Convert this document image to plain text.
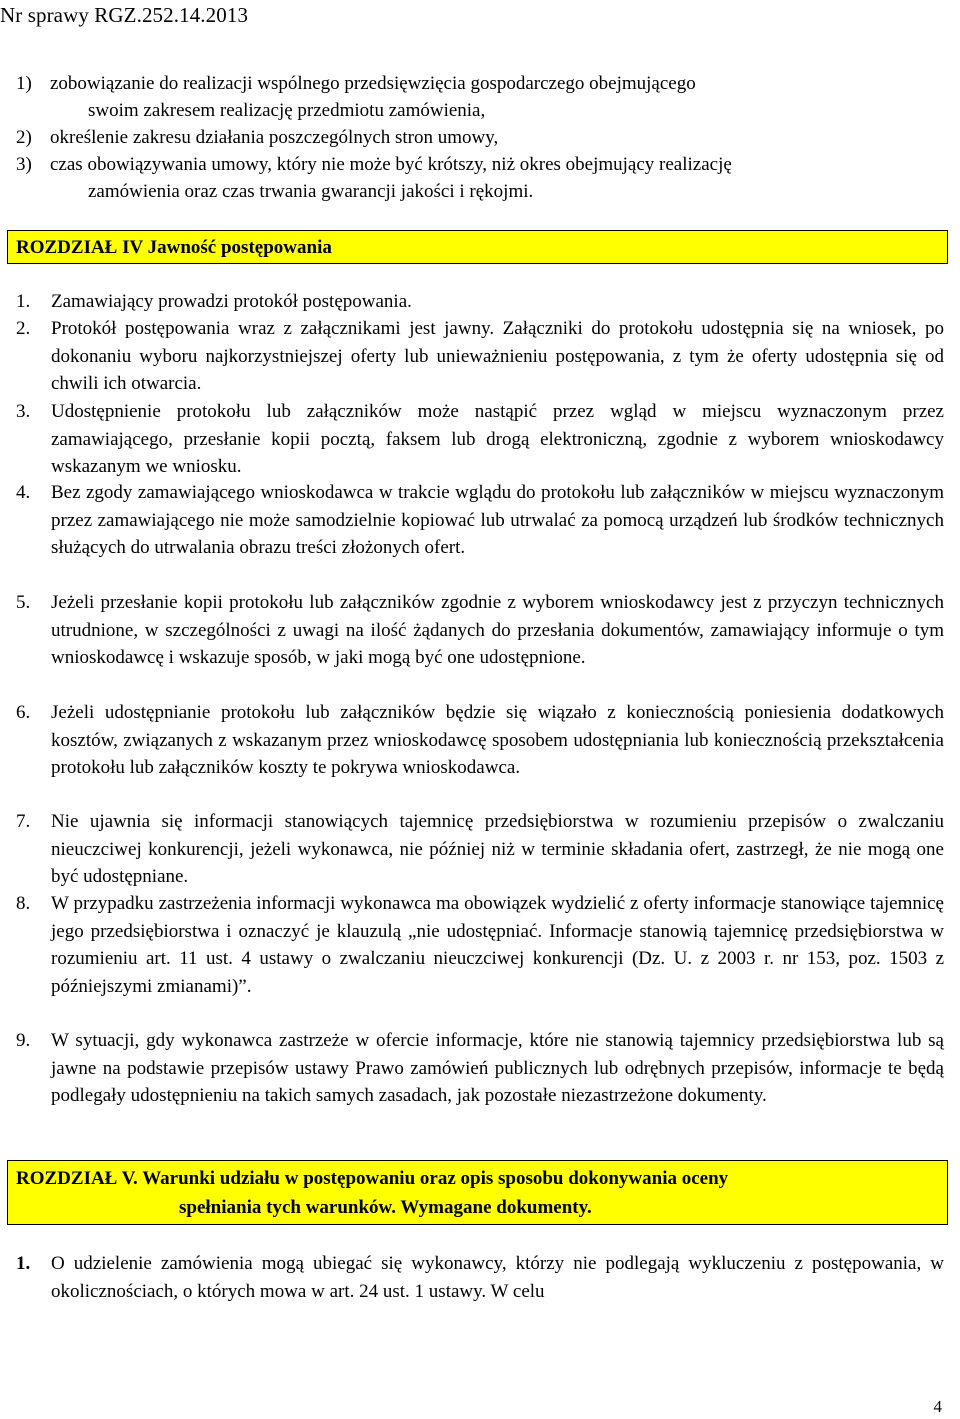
Nr sprawy RGZ.252.14.2013
1) zobowiązanie do realizacji wspólnego przedsięwzięcia gospodarczego obejmującego
swoim zakresem realizację przedmiotu zamówienia,
2) określenie zakresu działania poszczególnych stron umowy,
3) czas obowiązywania umowy, który nie może być krótszy, niż okres obejmujący realizację
zamówienia oraz czas trwania gwarancji jakości i rękojmi.
ROZDZIAŁ IV Jawność postępowania
1.	Zamawiający prowadzi protokół postępowania.
2.	Protokół postępowania wraz z załącznikami jest jawny. Załączniki do protokołu udostępnia się na wniosek, po dokonaniu wyboru najkorzystniejszej oferty lub unieważnieniu postępowania, z tym że oferty udostępnia się od chwili ich otwarcia.
3.	Udostępnienie protokołu lub załączników może nastąpić przez wgląd w miejscu wyznaczonym przez zamawiającego, przesłanie kopii pocztą, faksem lub drogą elektroniczną, zgodnie z wyborem wnioskodawcy wskazanym we wniosku.
4.	Bez zgody zamawiającego wnioskodawca w trakcie wglądu do protokołu lub załączników w miejscu wyznaczonym przez zamawiającego nie może samodzielnie kopiować lub utrwalać za pomocą urządzeń lub środków technicznych służących do utrwalania obrazu treści złożonych ofert.
5.	Jeżeli przesłanie kopii protokołu lub załączników zgodnie z wyborem wnioskodawcy jest z przyczyn technicznych utrudnione, w szczególności z uwagi na ilość żądanych do przesłania dokumentów, zamawiający informuje o tym wnioskodawcę i wskazuje sposób, w jaki mogą być one udostępnione.
6.	Jeżeli udostępnianie protokołu lub załączników będzie się wiązało z koniecznością poniesienia dodatkowych kosztów, związanych z wskazanym przez wnioskodawcę sposobem udostępniania lub koniecznością przekształcenia protokołu lub załączników koszty te pokrywa wnioskodawca.
7.	Nie ujawnia się informacji stanowiących tajemnicę przedsiębiorstwa w rozumieniu przepisów o zwalczaniu nieuczciwej konkurencji, jeżeli wykonawca, nie później niż w terminie składania ofert, zastrzegł, że nie mogą one być udostępniane.
8.	W przypadku zastrzeżenia informacji wykonawca ma obowiązek wydzielić z oferty informacje stanowiące tajemnicę jego przedsiębiorstwa i oznaczyć je klauzulą „nie udostępniać. Informacje stanowią tajemnicę przedsiębiorstwa w rozumieniu art. 11 ust. 4 ustawy o zwalczaniu nieuczciwej konkurencji (Dz. U. z 2003 r. nr 153, poz. 1503 z późniejszymi zmianami)”.
9.	W sytuacji, gdy wykonawca zastrzeże w ofercie informacje, które nie stanowią tajemnicy przedsiębiorstwa lub są jawne na podstawie przepisów ustawy Prawo zamówień publicznych lub odrębnych przepisów, informacje te będą podlegały udostępnieniu na takich samych zasadach, jak pozostałe niezastrzeżone dokumenty.
ROZDZIAŁ V. Warunki udziału w postępowaniu oraz opis sposobu dokonywania oceny
spełniania tych warunków. Wymagane dokumenty.
1.	O udzielenie zamówienia mogą ubiegać się wykonawcy, którzy nie podlegają wykluczeniu z postępowania, w okolicznościach, o których mowa w art. 24 ust. 1 ustawy. W celu
4
